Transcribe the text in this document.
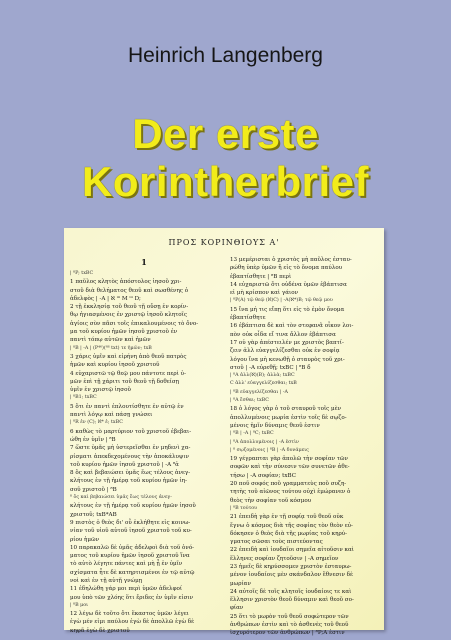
Heinrich Langenberg
Der erste
Korintherbrief
ΠΡΟΣ ΚΟΡΙΝΘΙΟΥΣ Α'
1
| ⁸P; txBC
1 παῦλος κλητὸς ἀπόστολος ἰησοῦ χρι-
στοῦ διὰ θελήματος θεοῦ καὶ σωσθένης ὁ
ἀδελφὸς | -A | ℵ ⁱⁱⁱ M ⁱⁱⁱ D;
2 τῇ ἐκκλησίᾳ τοῦ θεοῦ τῇ οὔσῃ ἐν κορίν-
θῳ ἡγιασμένοις ἐν χριστῷ ἰησοῦ κλητοῖς
ἁγίοις σὺν πᾶσι τοῖς ἐπικαλουμένοις τὸ ὄνο-
μα τοῦ κυρίου ἡμῶν ἰησοῦ χριστοῦ ἐν
παντὶ τόπῳ αὐτῶν καὶ ἡμῶν
| ⁸B | -A | (P⁴⁶)(⁶⁸ txt) τε ἡμῶν; txB
3 χάρις ὑμῖν καὶ εἰρήνη ἀπὸ θεοῦ πατρὸς
ἡμῶν καὶ κυρίου ἰησοῦ χριστοῦ
4 εὐχαριστῶ τῷ θεῷ μου πάντοτε περὶ ὑ-
μῶν ἐπὶ τῇ χάριτι τοῦ θεοῦ τῇ δοθείσῃ
ὑμῖν ἐν χριστῷ ἰησοῦ
| ⁸B1; txBC
5 ὅτι ἐν παντὶ ἐπλουτίσθητε ἐν αὐτῷ ἐν
παντὶ λόγῳ καὶ πάσῃ γνώσει
| ⁸R ἐν (C); ℵ* ἐ; txBC
6 καθὼς τὸ μαρτύριον τοῦ χριστοῦ ἐβεβαι-
ώθη ἐν ὑμῖν | ⁸B
7 ὥστε ὑμᾶς μὴ ὑστερεῖσθαι ἐν μηδενὶ χα-
ρίσματι ἀπεκδεχομένους τὴν ἀποκάλυψιν
τοῦ κυρίου ἡμῶν ἰησοῦ χριστοῦ | -A ⁸ἁ
8 ὃς καὶ βεβαιώσει ὑμᾶς ἕως τέλους ἀνεγ-
κλήτους ἐν τῇ ἡμέρᾳ τοῦ κυρίου ἡμῶν ἰη-
σοῦ χριστοῦ | ⁸B
⁸ ὃς καὶ βεβαιώσει ὑμᾶς ἕως τέλους ἀνεγ-
κλήτους ἐν τῇ ἡμέρᾳ τοῦ κυρίου ἡμῶν ἰησοῦ
χριστοῦ; txB*AB
9 πιστὸς ὁ θεὸς δι' οὗ ἐκλήθητε εἰς κοινω-
νίαν τοῦ υἱοῦ αὐτοῦ ἰησοῦ χριστοῦ τοῦ κυ-
ρίου ἡμῶν
10 παρακαλῶ δὲ ὑμᾶς ἀδελφοὶ διὰ τοῦ ὀνό-
ματος τοῦ κυρίου ἡμῶν ἰησοῦ χριστοῦ ἵνα
τὸ αὐτὸ λέγητε πάντες καὶ μὴ ᾖ ἐν ὑμῖν
σχίσματα ἦτε δὲ κατηρτισμένοι ἐν τῷ αὐτῷ
νοὶ καὶ ἐν τῇ αὐτῇ γνώμῃ
11 ἐδηλώθη γάρ μοι περὶ ὑμῶν ἀδελφοί
μου ὑπὸ τῶν χλόης ὅτι ἔριδες ἐν ὑμῖν εἰσιν
| ⁸B μοι
12 λέγω δὲ τοῦτο ὅτι ἕκαστος ὑμῶν λέγει
ἐγὼ μέν εἰμι παύλου ἐγὼ δὲ ἀπολλῶ ἐγὼ δὲ
κηφᾶ ἐγὼ δὲ χριστοῦ
13 μεμέρισται ὁ χριστὸς μὴ παῦλος ἐσταυ-
ρώθη ὑπὲρ ὑμῶν ἢ εἰς τὸ ὄνομα παύλου
ἐβαπτίσθητε | ⁸B περὶ
14 εὐχαριστῶ ὅτι οὐδένα ὑμῶν ἐβάπτισα
εἰ μὴ κρίσπον καὶ γάιον
| ⁸P(A) τῷ θεῷ (ℵ)C) | -A(ℵ*)B; τῷ θεῷ μου
15 ἵνα μή τις εἴπῃ ὅτι εἰς τὸ ἐμὸν ὄνομα
ἐβαπτίσθητε
16 ἐβάπτισα δὲ καὶ τὸν στεφανᾶ οἶκον λοι-
πὸν οὐκ οἶδα εἴ τινα ἄλλον ἐβάπτισα
17 οὐ γὰρ ἀπέστειλέν με χριστὸς βαπτί-
ζειν ἀλλ εὐαγγελίζεσθαι οὐκ ἐν σοφίᾳ
λόγου ἵνα μὴ κενωθῇ ὁ σταυρὸς τοῦ χρι-
στοῦ | -A εὑρεθῇ; txBC | ⁸B δ
| ⁸A ἀλλ(ℵ)(B); ἀλλὰ; txBC
C ἀλλ' εὐαγγελίζεσθαι; txB
| ⁸B εὐαγγελίζεσθαι | -A
| ⁸A ἔσθαι; txBC
18 ὁ λόγος γὰρ ὁ τοῦ σταυροῦ τοῖς μὲν
ἀπολλυμένοις μωρία ἐστὶν τοῖς δὲ σῳζο-
μένοις ἡμῖν δύναμις θεοῦ ἐστιν
| ⁸B | -A | ⁸C; txBC
| ⁸A ἀπολλυμένοις | -A ἐστὶν
| ⁸ σῳζομένοις | ⁸B | -A δυνάμεις
19 γέγραπται γὰρ ἀπολῶ τὴν σοφίαν τῶν
σοφῶν καὶ τὴν σύνεσιν τῶν συνετῶν ἀθε-
τήσω | -A σοφίαν; txBC
20 ποῦ σοφός ποῦ γραμματεὺς ποῦ συζη-
τητὴς τοῦ αἰῶνος τούτου οὐχὶ ἐμώρανεν ὁ
θεὸς τὴν σοφίαν τοῦ κόσμου
| ⁸B τούτου
21 ἐπειδὴ γὰρ ἐν τῇ σοφίᾳ τοῦ θεοῦ οὐκ
ἔγνω ὁ κόσμος διὰ τῆς σοφίας τὸν θεὸν εὐ-
δόκησεν ὁ θεὸς διὰ τῆς μωρίας τοῦ κηρύ-
γματος σῶσαι τοὺς πιστεύοντας
22 ἐπειδὴ καὶ ἰουδαῖοι σημεῖα αἰτοῦσιν καὶ
ἕλληνες σοφίαν ζητοῦσιν | -A σημεῖον
23 ἡμεῖς δὲ κηρύσσομεν χριστὸν ἐσταυρω-
μένον ἰουδαίοις μὲν σκάνδαλον ἔθνεσιν δὲ
μωρίαν
24 αὐτοῖς δὲ τοῖς κλητοῖς ἰουδαίοις τε καὶ
ἕλλησιν χριστὸν θεοῦ δύναμιν καὶ θεοῦ σο-
φίαν
25 ὅτι τὸ μωρὸν τοῦ θεοῦ σοφώτερον τῶν
ἀνθρώπων ἐστὶν καὶ τὸ ἀσθενὲς τοῦ θεοῦ
ἰσχυρότερον τῶν ἀνθρώπων | ⁸P;A ἐστιν
